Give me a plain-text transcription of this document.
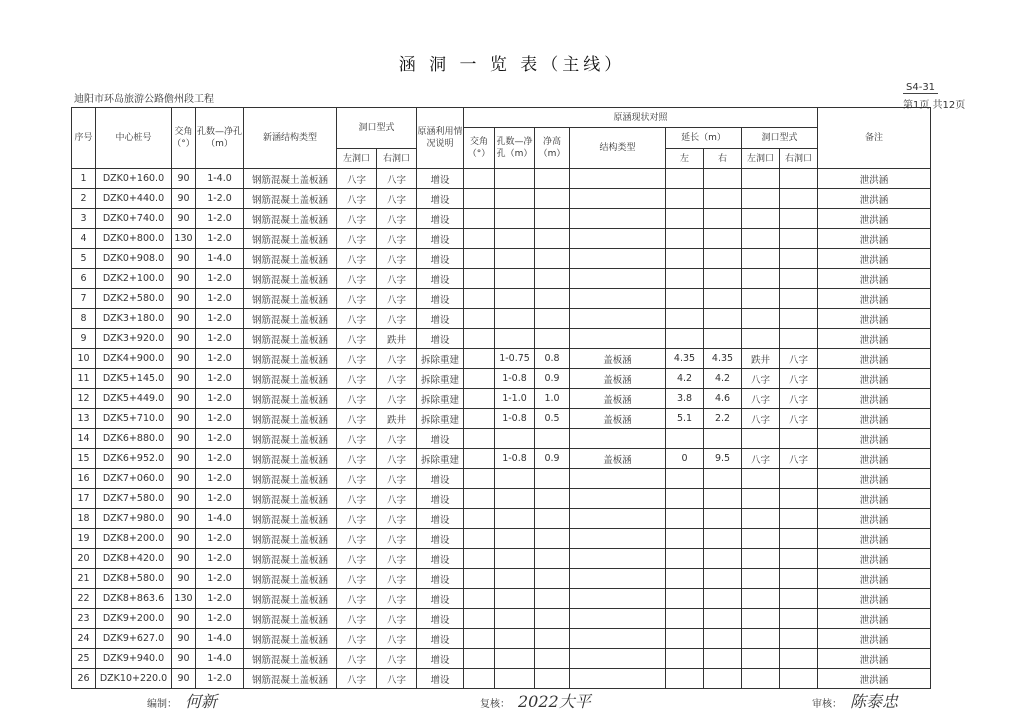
涵 洞 一 览 表（主线）
迪阳市环岛旅游公路儋州段工程
S4-31
第1页 共12页
序号	中心桩号	交角（°）	孔数—净孔（m）	新涵结构类型	洞口型式		原涵利用情况说明	原涵现状对照								备注
								交角（°）	孔数—净孔（m）	净高（m）	结构类型	延长（m）		洞口型式		
					左洞口	右洞口						左	右	左洞口	右洞口	
1	DZK0+160.0	90	1-4.0	钢筋混凝土盖板涵	八字	八字	增设									泄洪涵
2	DZK0+440.0	90	1-2.0	钢筋混凝土盖板涵	八字	八字	增设									泄洪涵
3	DZK0+740.0	90	1-2.0	钢筋混凝土盖板涵	八字	八字	增设									泄洪涵
4	DZK0+800.0	130	1-2.0	钢筋混凝土盖板涵	八字	八字	增设									泄洪涵
5	DZK0+908.0	90	1-4.0	钢筋混凝土盖板涵	八字	八字	增设									泄洪涵
6	DZK2+100.0	90	1-2.0	钢筋混凝土盖板涵	八字	八字	增设									泄洪涵
7	DZK2+580.0	90	1-2.0	钢筋混凝土盖板涵	八字	八字	增设									泄洪涵
8	DZK3+180.0	90	1-2.0	钢筋混凝土盖板涵	八字	八字	增设									泄洪涵
9	DZK3+920.0	90	1-2.0	钢筋混凝土盖板涵	八字	跌井	增设									泄洪涵
10	DZK4+900.0	90	1-2.0	钢筋混凝土盖板涵	八字	八字	拆除重建		1-0.75	0.8	盖板涵	4.35	4.35	跌井	八字	泄洪涵
11	DZK5+145.0	90	1-2.0	钢筋混凝土盖板涵	八字	八字	拆除重建		1-0.8	0.9	盖板涵	4.2	4.2	八字	八字	泄洪涵
12	DZK5+449.0	90	1-2.0	钢筋混凝土盖板涵	八字	八字	拆除重建		1-1.0	1.0	盖板涵	3.8	4.6	八字	八字	泄洪涵
13	DZK5+710.0	90	1-2.0	钢筋混凝土盖板涵	八字	跌井	拆除重建		1-0.8	0.5	盖板涵	5.1	2.2	八字	八字	泄洪涵
14	DZK6+880.0	90	1-2.0	钢筋混凝土盖板涵	八字	八字	增设									泄洪涵
15	DZK6+952.0	90	1-2.0	钢筋混凝土盖板涵	八字	八字	拆除重建		1-0.8	0.9	盖板涵	0	9.5	八字	八字	泄洪涵
16	DZK7+060.0	90	1-2.0	钢筋混凝土盖板涵	八字	八字	增设									泄洪涵
17	DZK7+580.0	90	1-2.0	钢筋混凝土盖板涵	八字	八字	增设									泄洪涵
18	DZK7+980.0	90	1-4.0	钢筋混凝土盖板涵	八字	八字	增设									泄洪涵
19	DZK8+200.0	90	1-2.0	钢筋混凝土盖板涵	八字	八字	增设									泄洪涵
20	DZK8+420.0	90	1-2.0	钢筋混凝土盖板涵	八字	八字	增设									泄洪涵
21	DZK8+580.0	90	1-2.0	钢筋混凝土盖板涵	八字	八字	增设									泄洪涵
22	DZK8+863.6	130	1-2.0	钢筋混凝土盖板涵	八字	八字	增设									泄洪涵
23	DZK9+200.0	90	1-2.0	钢筋混凝土盖板涵	八字	八字	增设									泄洪涵
24	DZK9+627.0	90	1-4.0	钢筋混凝土盖板涵	八字	八字	增设									泄洪涵
25	DZK9+940.0	90	1-4.0	钢筋混凝土盖板涵	八字	八字	增设									泄洪涵
26	DZK10+220.0	90	1-2.0	钢筋混凝土盖板涵	八字	八字	增设									泄洪涵
编制： 何新	复核： 2022大平	审核： 陈泰忠
